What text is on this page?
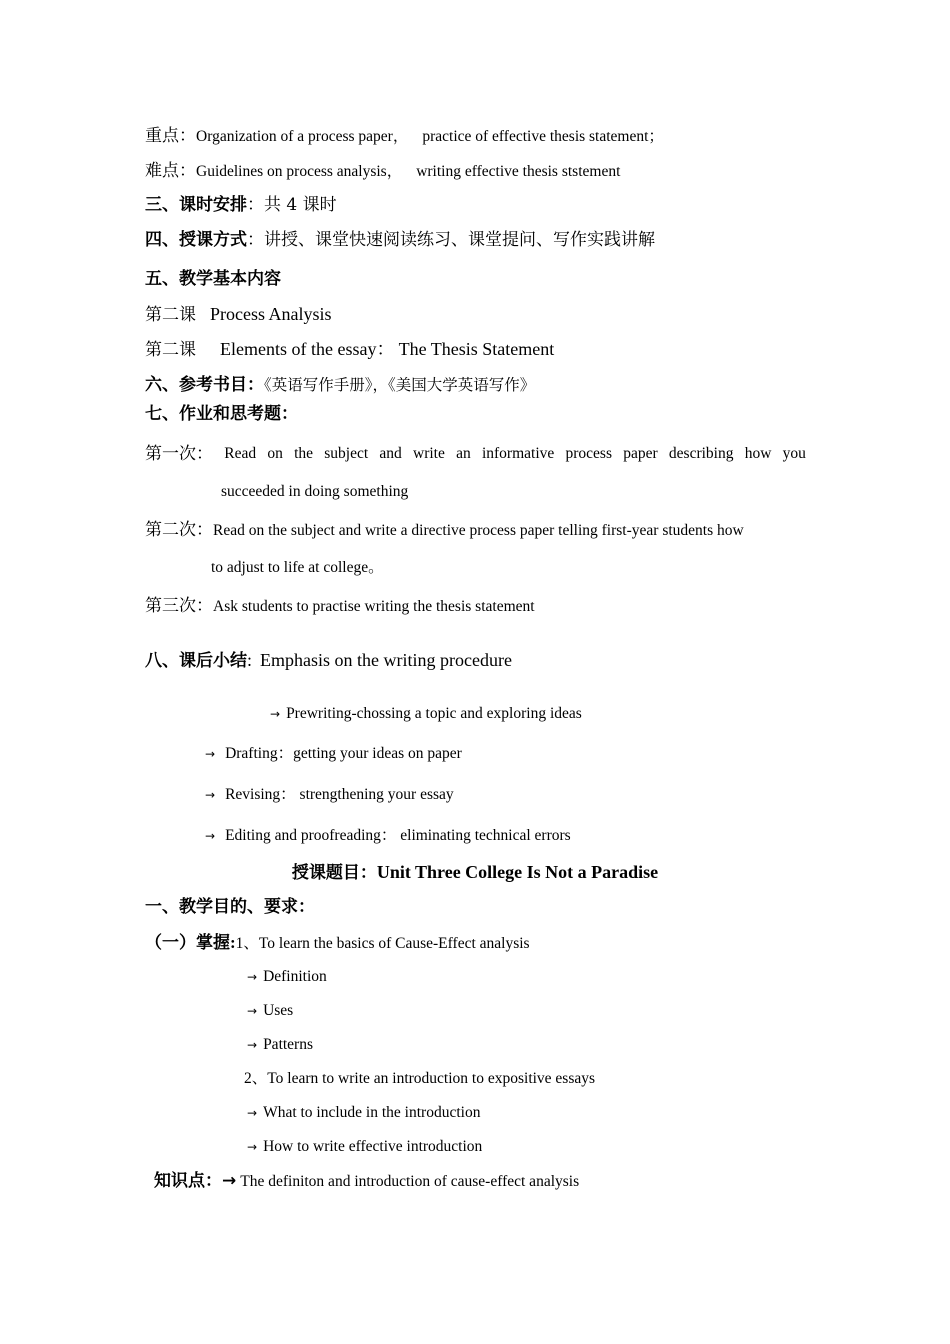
重点：Organization of a process paper， practice of effective thesis statement；
难点：Guidelines on process analysis， writing effective thesis ststement
三、课时安排：共 4 课时
四、授课方式：讲授、课堂快速阅读练习、课堂提问、写作实践讲解
五、教学基本内容
第二课 Process Analysis
第二课 Elements of the essay： The Thesis Statement
六、参考书目：《英语写作手册》，《美国大学英语写作》
七、作业和思考题：
第一次： Read on the subject and write an informative process paper describing how you
succeeded in doing something
第二次：Read on the subject and write a directive process paper telling first-year students how
to adjust to life at college。
第三次：Ask students to practise writing the thesis statement
八、课后小结: Emphasis on the writing procedure
→ Prewriting-chossing a topic and exploring ideas
→ Drafting：getting your ideas on paper
→ Revising： strengthening your essay
→ Editing and proofreading： eliminating technical errors
授课题目：Unit Three College Is Not a Paradise
一、教学目的、要求：
（一）掌握:1、To learn the basics of Cause-Effect analysis
→ Definition
→ Uses
→ Patterns
2、To learn to write an introduction to expositive essays
→ What to include in the introduction
→ How to write effective introduction
知识点：→ The definiton and introduction of cause-effect analysis
